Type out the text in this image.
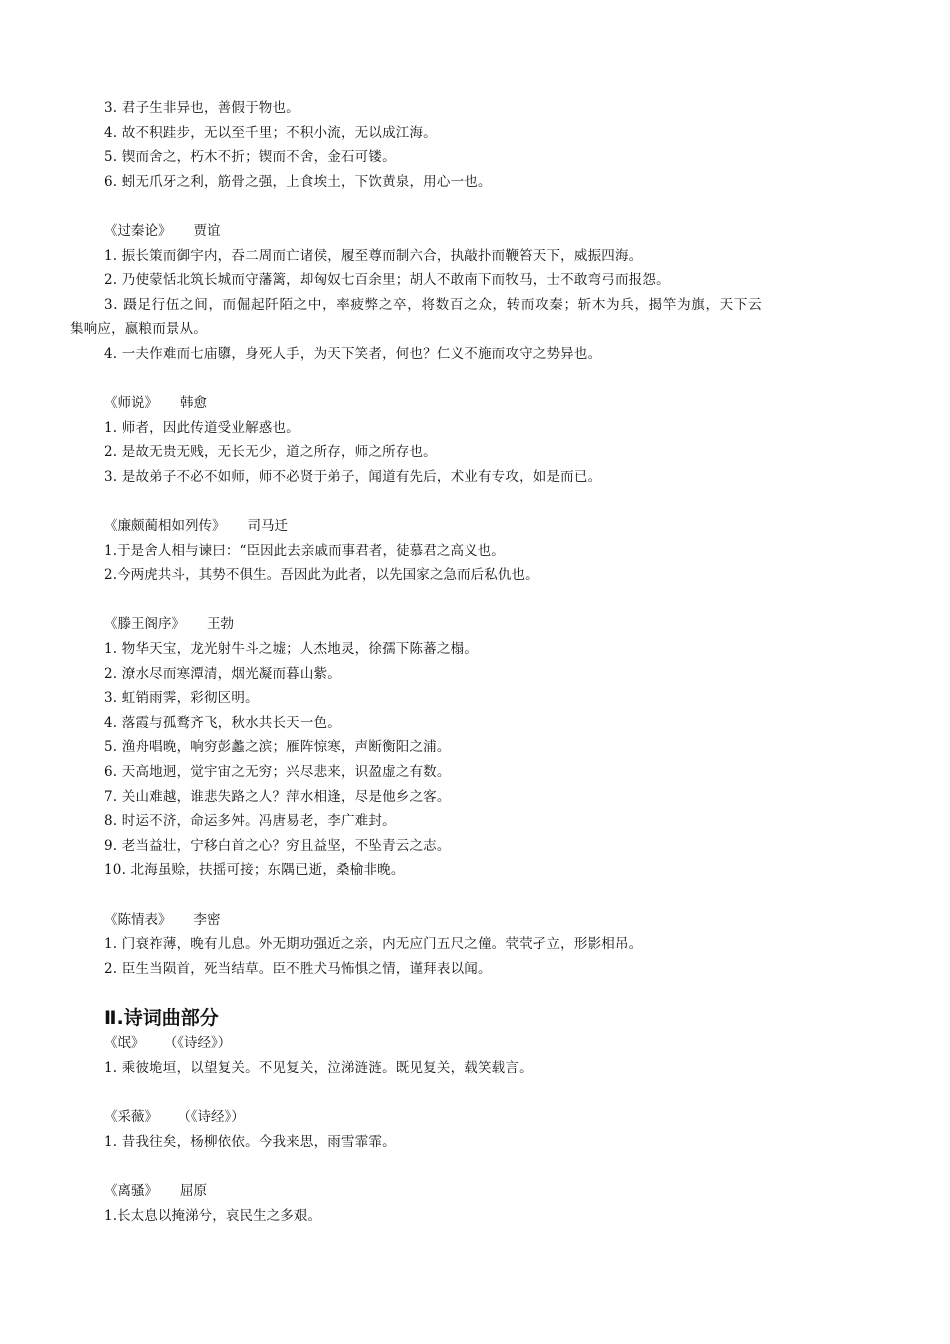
3. 君子生非异也，善假于物也。
4. 故不积跬步，无以至千里；不积小流，无以成江海。
5. 锲而舍之，朽木不折；锲而不舍，金石可镂。
6. 蚓无爪牙之利，筋骨之强，上食埃土，下饮黄泉，用心一也。
《过秦论》 贾谊
1. 振长策而御宇内，吞二周而亡诸侯，履至尊而制六合，执敲扑而鞭笞天下，威振四海。
2. 乃使蒙恬北筑长城而守藩篱，却匈奴七百余里；胡人不敢南下而牧马，士不敢弯弓而报怨。
3. 蹑足行伍之间，而倔起阡陌之中，率疲弊之卒，将数百之众，转而攻秦；斩木为兵，揭竿为旗，天下云
集响应，嬴粮而景从。
4. 一夫作难而七庙隳，身死人手，为天下笑者，何也？仁义不施而攻守之势异也。
《师说》 韩愈
1. 师者，因此传道受业解惑也。
2. 是故无贵无贱，无长无少，道之所存，师之所存也。
3. 是故弟子不必不如师，师不必贤于弟子，闻道有先后，术业有专攻，如是而已。
《廉颇蔺相如列传》 司马迁
1.于是舍人相与谏曰：“臣因此去亲戚而事君者，徒慕君之高义也。
2.今两虎共斗，其势不俱生。吾因此为此者，以先国家之急而后私仇也。
《滕王阁序》 王勃
1. 物华天宝，龙光射牛斗之墟；人杰地灵，徐孺下陈蕃之榻。
2. 潦水尽而寒潭清，烟光凝而暮山紫。
3. 虹销雨霁，彩彻区明。
4. 落霞与孤鹜齐飞，秋水共长天一色。
5. 渔舟唱晚，响穷彭蠡之滨；雁阵惊寒，声断衡阳之浦。
6. 天高地迥，觉宇宙之无穷；兴尽悲来，识盈虚之有数。
7. 关山难越，谁悲失路之人？萍水相逢，尽是他乡之客。
8. 时运不济，命运多舛。冯唐易老，李广难封。
9. 老当益壮，宁移白首之心？穷且益坚，不坠青云之志。
10. 北海虽赊，扶摇可接；东隅已逝，桑榆非晚。
《陈情表》 李密
1. 门衰祚薄，晚有儿息。外无期功强近之亲，内无应门五尺之僮。茕茕孑立，形影相吊。
2. 臣生当陨首，死当结草。臣不胜犬马怖惧之情，谨拜表以闻。
Ⅱ.诗词曲部分
《氓》 （《诗经》）
1. 乘彼垝垣，以望复关。不见复关，泣涕涟涟。既见复关，载笑载言。
《采薇》 （《诗经》）
1. 昔我往矣，杨柳依依。今我来思，雨雪霏霏。
《离骚》 屈原
1.长太息以掩涕兮，哀民生之多艰。
